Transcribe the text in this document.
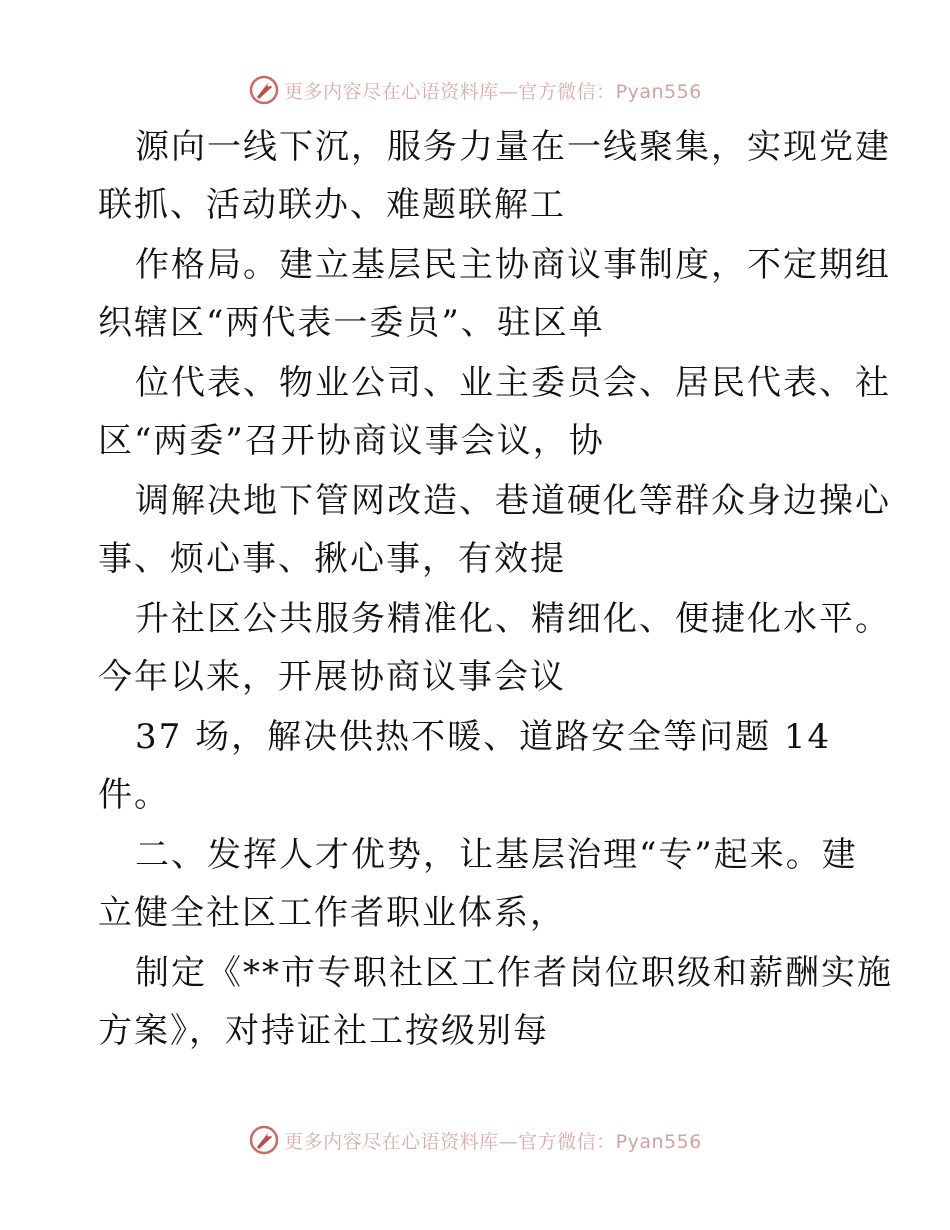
更多内容尽在心语资料库—官方微信：Pyan556
源向一线下沉，服务力量在一线聚集，实现党建
联抓、活动联办、难题联解工
作格局。建立基层民主协商议事制度，不定期组
织辖区“两代表一委员”、驻区单
位代表、物业公司、业主委员会、居民代表、社
区“两委”召开协商议事会议，协
调解决地下管网改造、巷道硬化等群众身边操心
事、烦心事、揪心事，有效提
升社区公共服务精准化、精细化、便捷化水平。
今年以来，开展协商议事会议
37 场，解决供热不暖、道路安全等问题 14
件。
二、发挥人才优势，让基层治理“专”起来。建
立健全社区工作者职业体系，
制定《**市专职社区工作者岗位职级和薪酬实施
方案》，对持证社工按级别每
更多内容尽在心语资料库—官方微信：Pyan556
